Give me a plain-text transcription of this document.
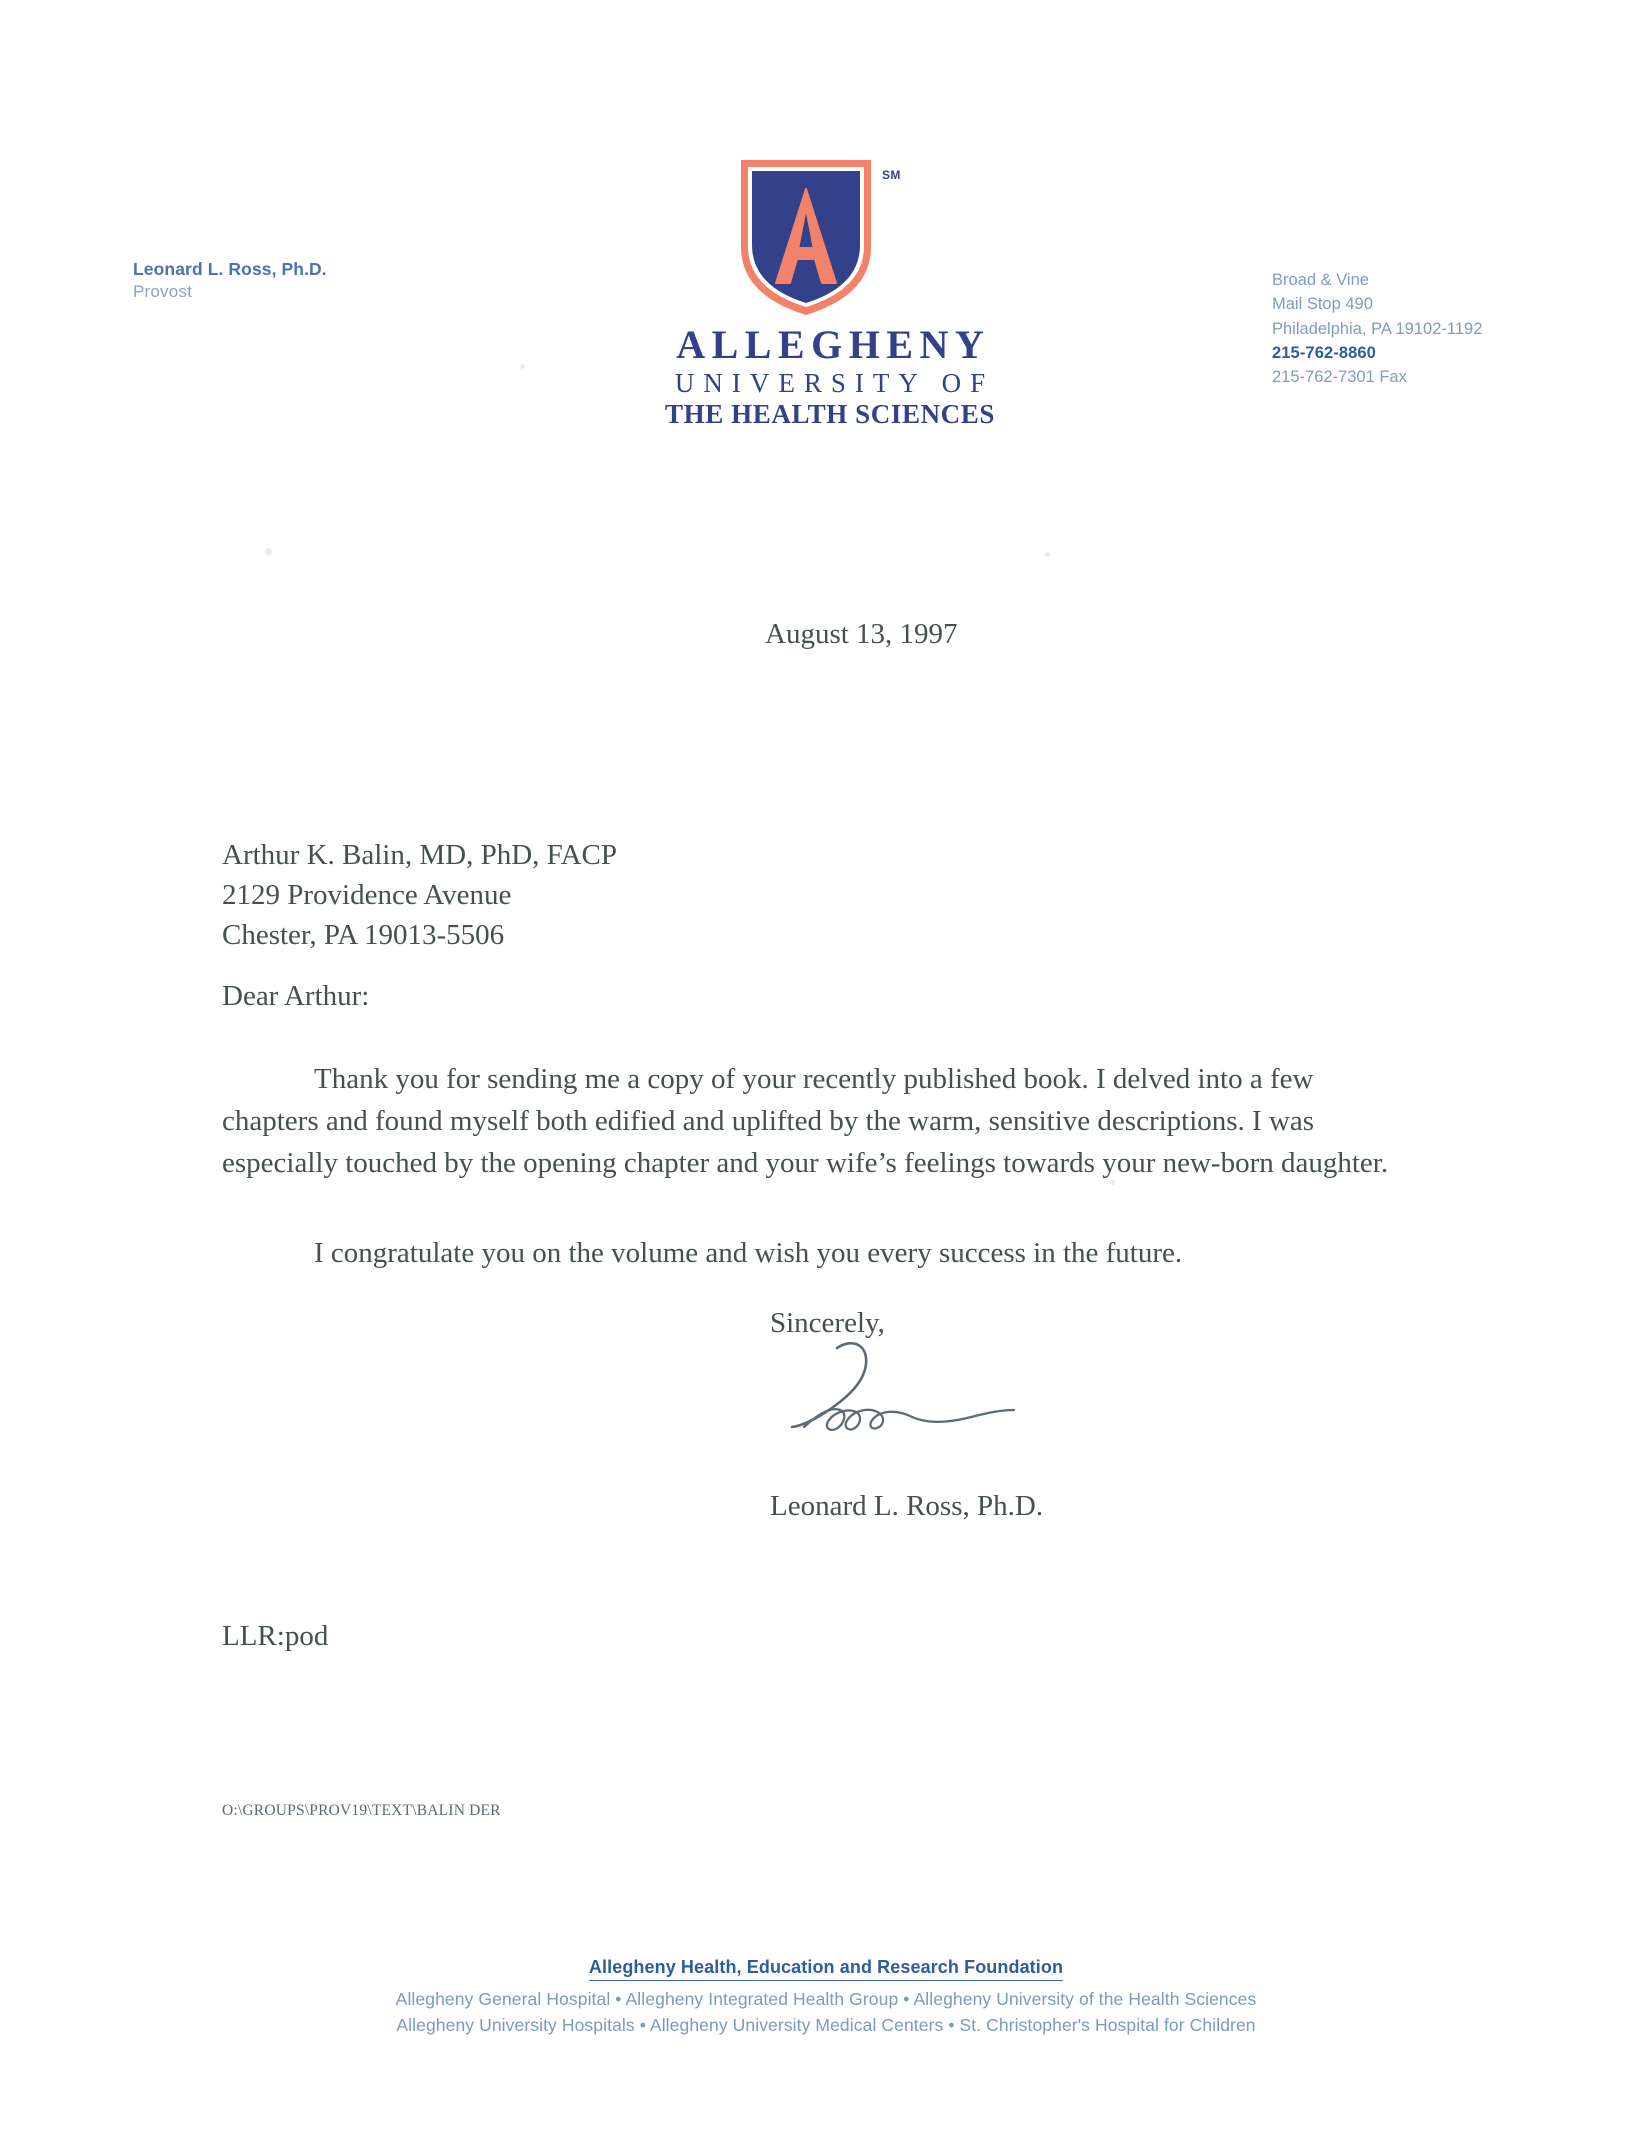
Leonard L. Ross, Ph.D.
Provost
Broad & Vine
Mail Stop 490
Philadelphia, PA 19102-1192
215-762-8860
215-762-7301 Fax
SM
ALLEGHENY
UNIVERSITY OF
THE HEALTH SCIENCES
August 13, 1997
Arthur K. Balin, MD, PhD, FACP
2129 Providence Avenue
Chester, PA 19013-5506
Dear Arthur:
Thank you for sending me a copy of your recently published book. I delved into a few chapters and found myself both edified and uplifted by the warm, sensitive descriptions. I was especially touched by the opening chapter and your wife’s feelings towards your new-born daughter.
I congratulate you on the volume and wish you every success in the future.
Sincerely,
Leonard L. Ross, Ph.D.
LLR:pod
O:\GROUPS\PROV19\TEXT\BALIN DER
Allegheny Health, Education and Research Foundation
Allegheny General Hospital • Allegheny Integrated Health Group • Allegheny University of the Health Sciences
Allegheny University Hospitals • Allegheny University Medical Centers • St. Christopher's Hospital for Children
